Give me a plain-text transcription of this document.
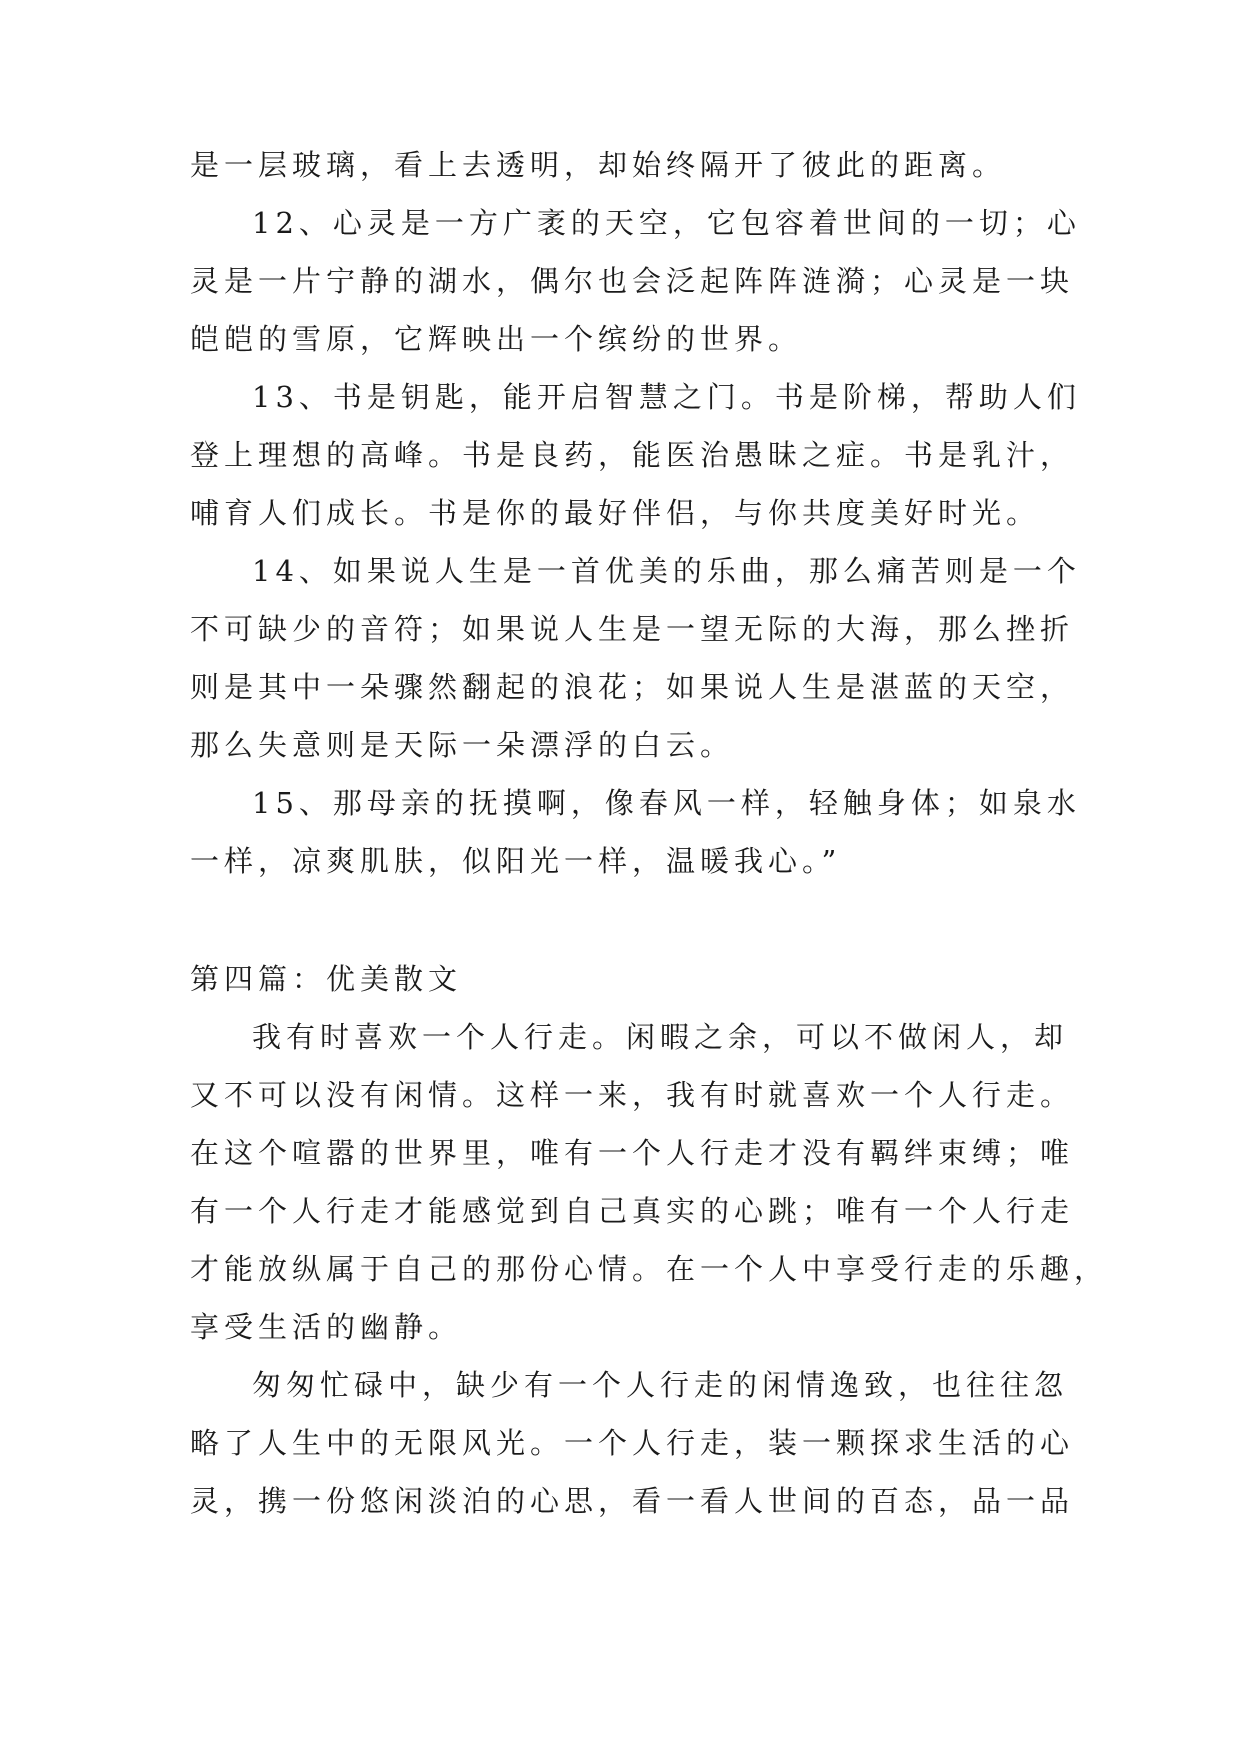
是一层玻璃，看上去透明，却始终隔开了彼此的距离。

12、心灵是一方广袤的天空，它包容着世间的一切；心

灵是一片宁静的湖水，偶尔也会泛起阵阵涟漪；心灵是一块

皑皑的雪原，它辉映出一个缤纷的世界。

13、书是钥匙，能开启智慧之门。书是阶梯，帮助人们

登上理想的高峰。书是良药，能医治愚昧之症。书是乳汁，

哺育人们成长。书是你的最好伴侣，与你共度美好时光。

14、如果说人生是一首优美的乐曲，那么痛苦则是一个

不可缺少的音符；如果说人生是一望无际的大海，那么挫折

则是其中一朵骤然翻起的浪花；如果说人生是湛蓝的天空，

那么失意则是天际一朵漂浮的白云。

15、那母亲的抚摸啊，像春风一样，轻触身体；如泉水

一样，凉爽肌肤，似阳光一样，温暖我心。”

第四篇：优美散文

我有时喜欢一个人行走。闲暇之余，可以不做闲人，却

又不可以没有闲情。这样一来，我有时就喜欢一个人行走。

在这个喧嚣的世界里，唯有一个人行走才没有羁绊束缚；唯

有一个人行走才能感觉到自己真实的心跳；唯有一个人行走

才能放纵属于自己的那份心情。在一个人中享受行走的乐趣，

享受生活的幽静。

匆匆忙碌中，缺少有一个人行走的闲情逸致，也往往忽

略了人生中的无限风光。一个人行走，装一颗探求生活的心

灵，携一份悠闲淡泊的心思，看一看人世间的百态，品一品
